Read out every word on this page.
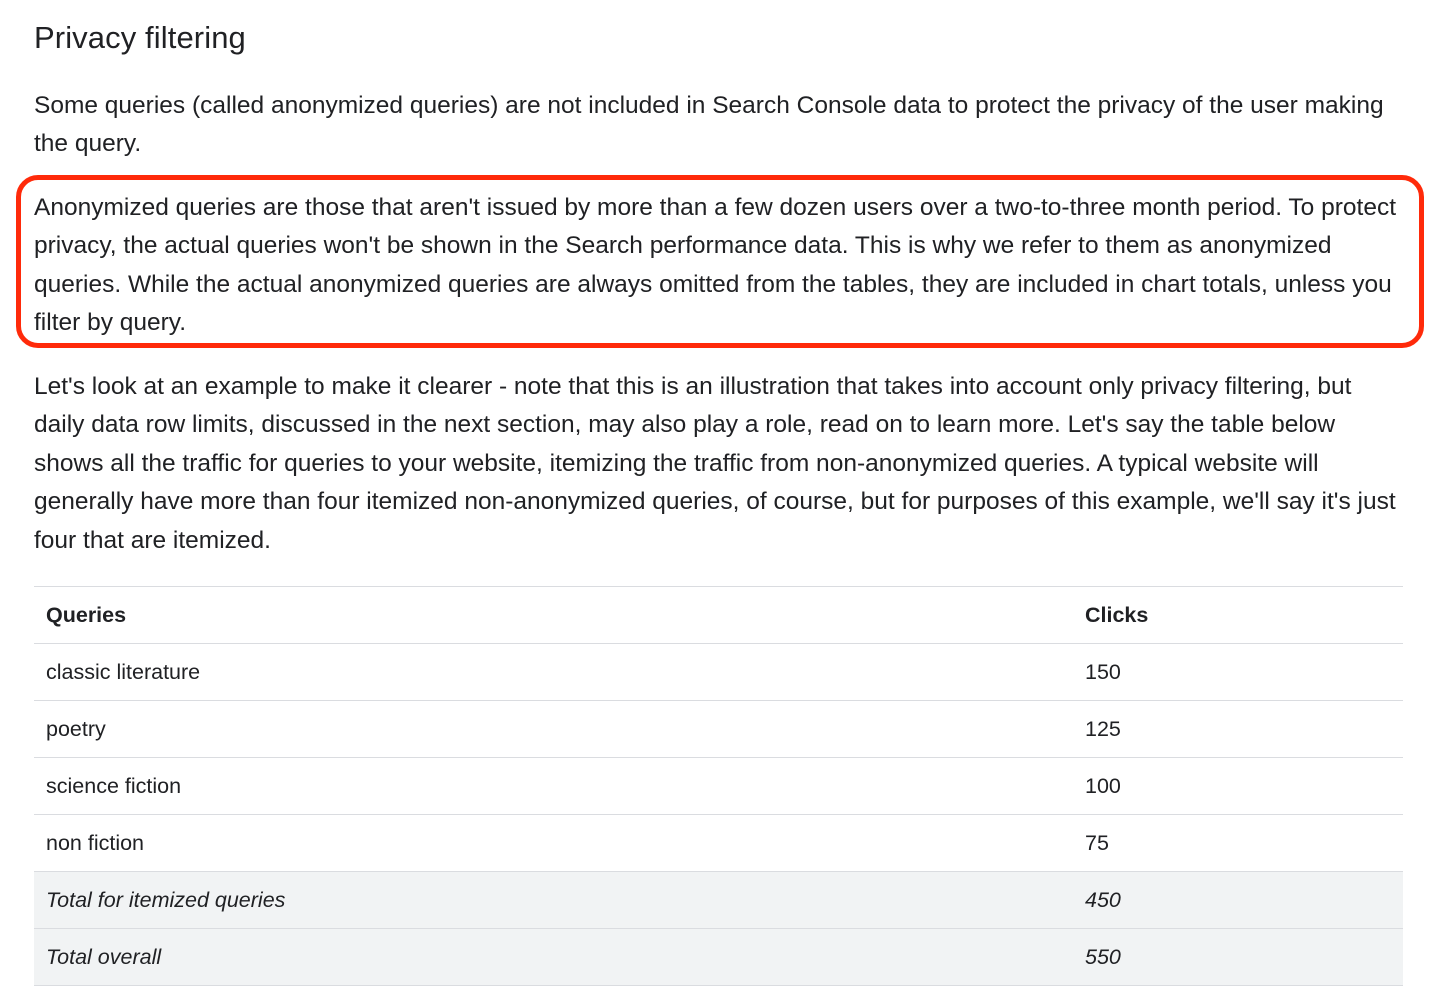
Privacy filtering

Some queries (called anonymized queries) are not included in Search Console data to protect the privacy of the user making the query.

Anonymized queries are those that aren't issued by more than a few dozen users over a two-to-three month period. To protect privacy, the actual queries won't be shown in the Search performance data. This is why we refer to them as anonymized queries. While the actual anonymized queries are always omitted from the tables, they are included in chart totals, unless you filter by query.

Let's look at an example to make it clearer - note that this is an illustration that takes into account only privacy filtering, but daily data row limits, discussed in the next section, may also play a role, read on to learn more. Let's say the table below shows all the traffic for queries to your website, itemizing the traffic from non-anonymized queries. A typical website will generally have more than four itemized non-anonymized queries, of course, but for purposes of this example, we'll say it's just four that are itemized.

Queries	Clicks
classic literature	150
poetry	125
science fiction	100
non fiction	75
Total for itemized queries	450
Total overall	550
